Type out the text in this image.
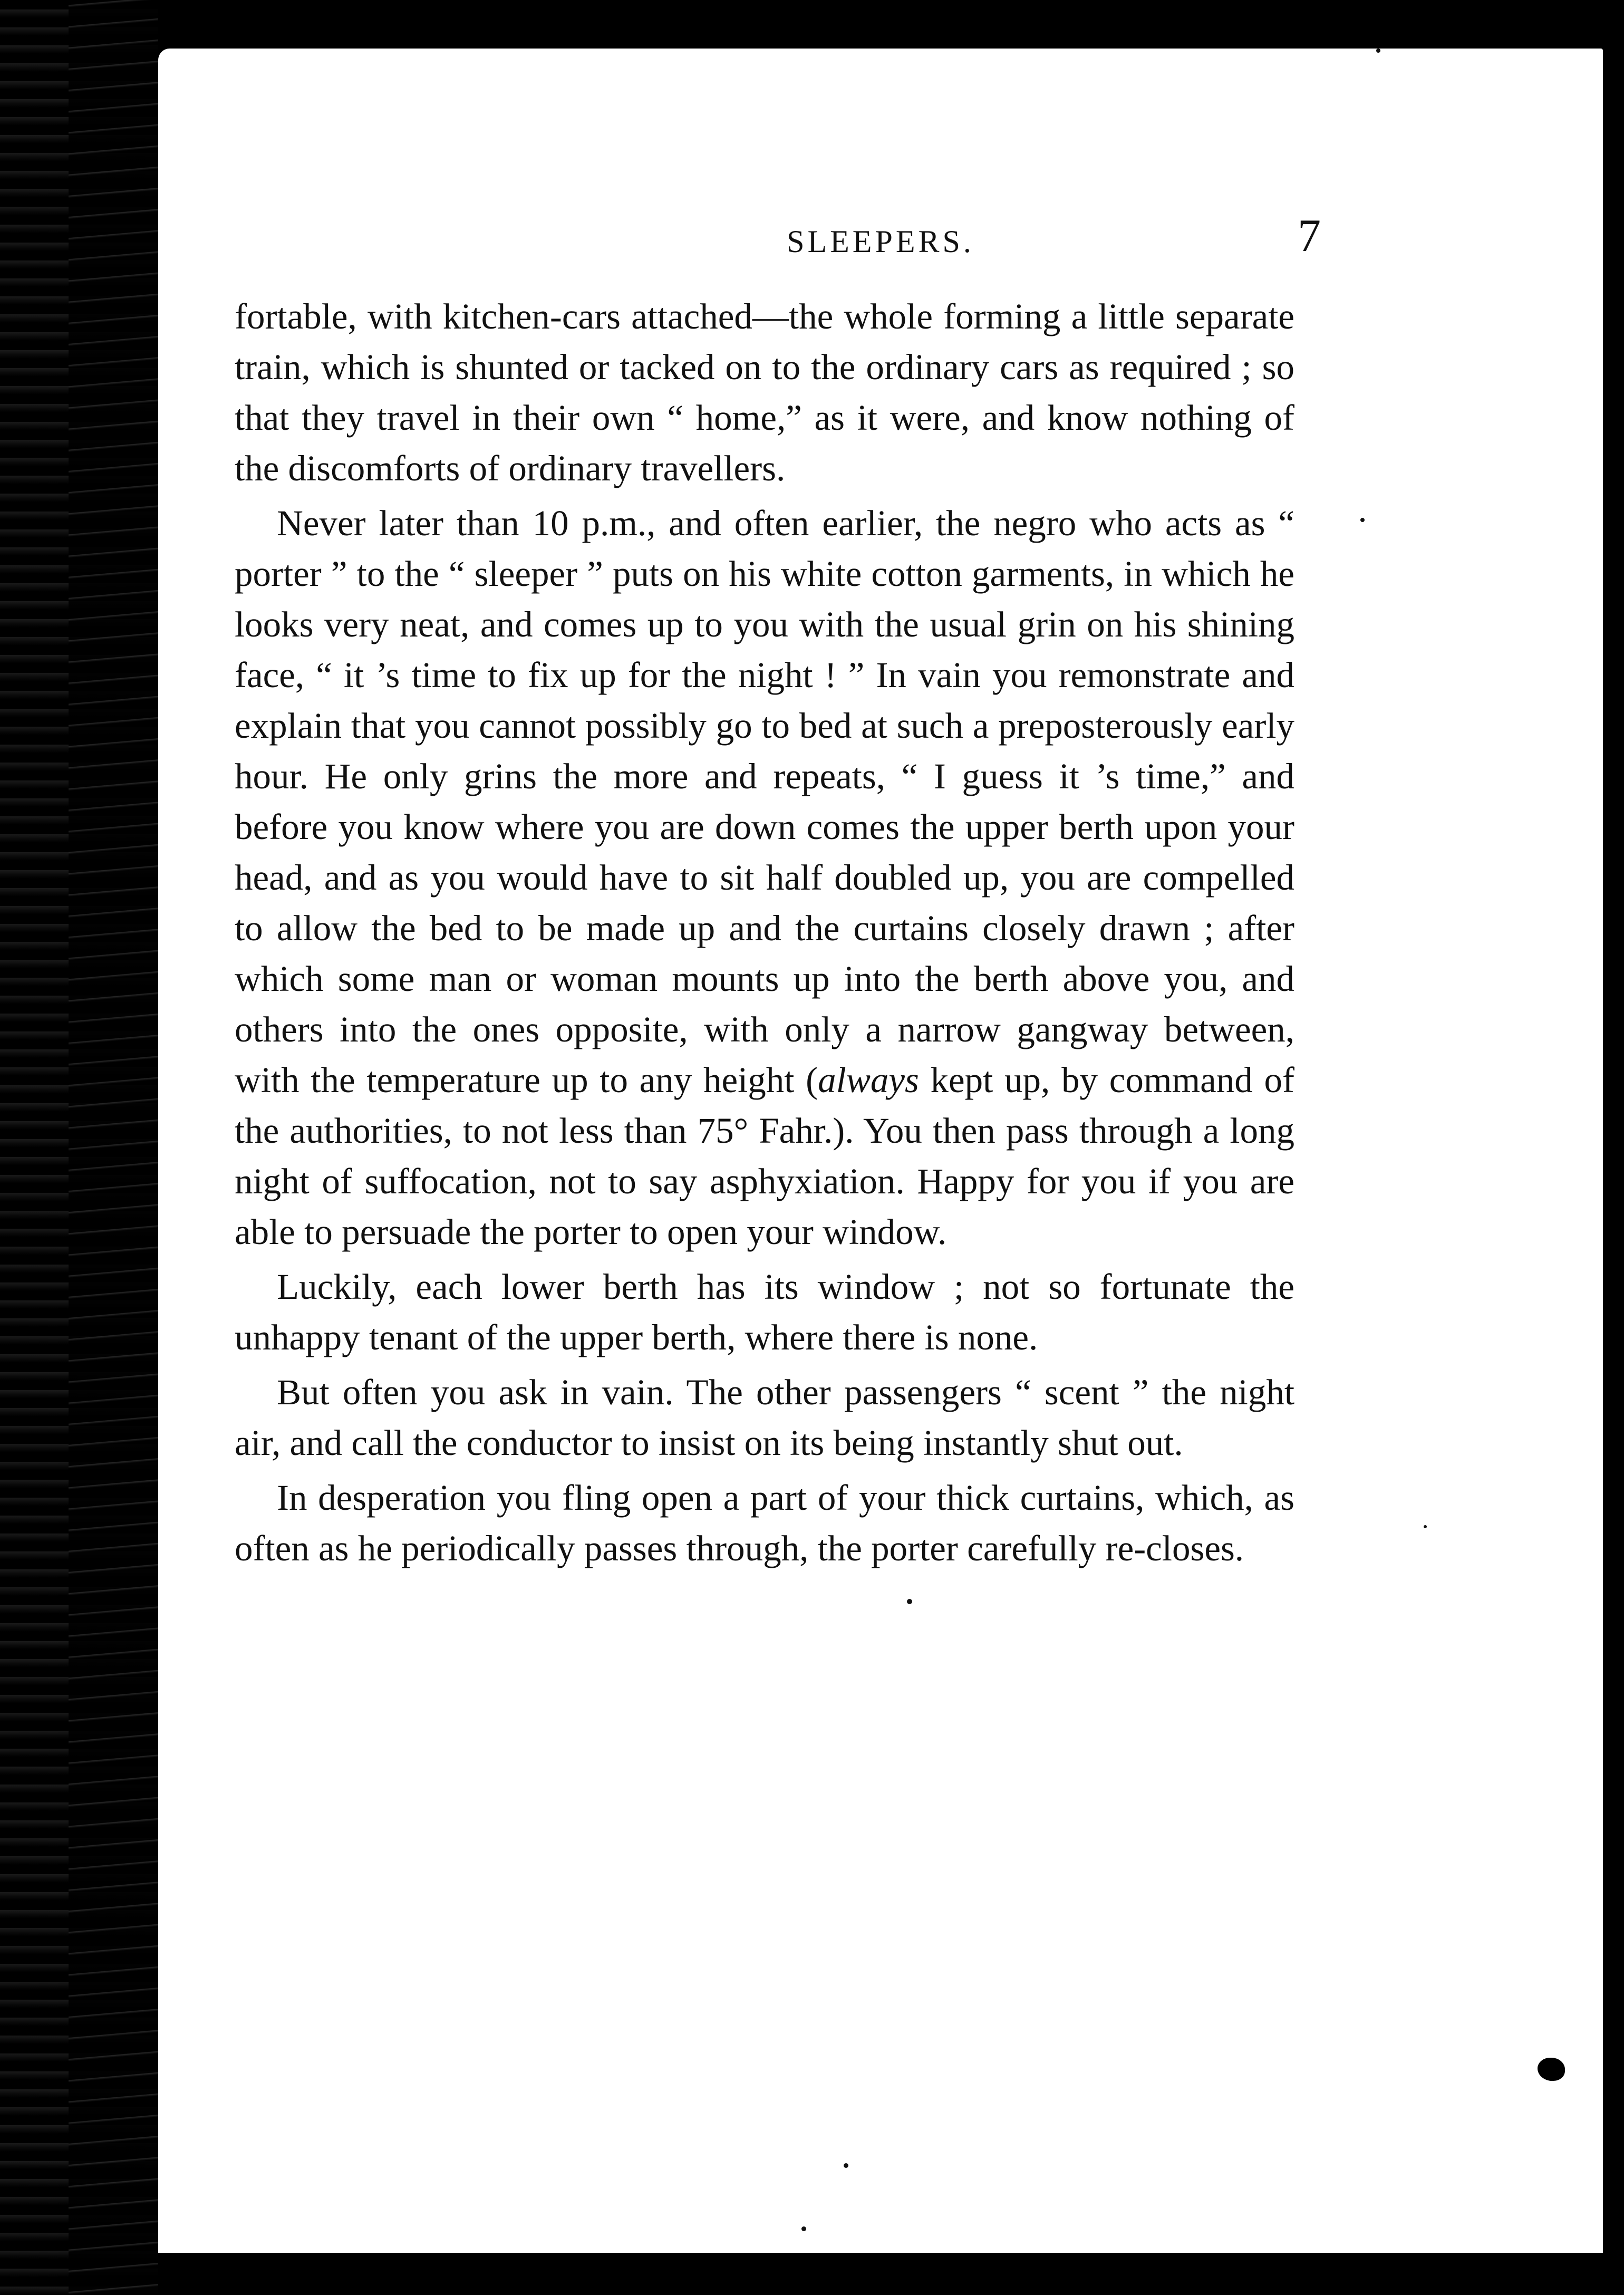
SLEEPERS.	7

fortable, with kitchen-cars attached—the whole forming a little separate train, which is shunted or tacked on to the ordinary cars as required ; so that they travel in their own “ home,” as it were, and know nothing of the discomforts of ordinary travellers.

Never later than 10 p.m., and often earlier, the negro who acts as “ porter ” to the “ sleeper ” puts on his white cotton garments, in which he looks very neat, and comes up to you with the usual grin on his shining face, “ it ’s time to fix up for the night ! ” In vain you remonstrate and explain that you cannot possibly go to bed at such a preposterously early hour. He only grins the more and repeats, “ I guess it ’s time,” and before you know where you are down comes the upper berth upon your head, and as you would have to sit half doubled up, you are compelled to allow the bed to be made up and the curtains closely drawn ; after which some man or woman mounts up into the berth above you, and others into the ones opposite, with only a narrow gangway between, with the temperature up to any height (always kept up, by command of the authorities, to not less than 75° Fahr.). You then pass through a long night of suffocation, not to say asphyxiation. Happy for you if you are able to persuade the porter to open your window.

Luckily, each lower berth has its window ; not so fortunate the unhappy tenant of the upper berth, where there is none.

But often you ask in vain. The other passengers “ scent ” the night air, and call the conductor to insist on its being instantly shut out.

In desperation you fling open a part of your thick curtains, which, as often as he periodically passes through, the porter carefully re-closes.
